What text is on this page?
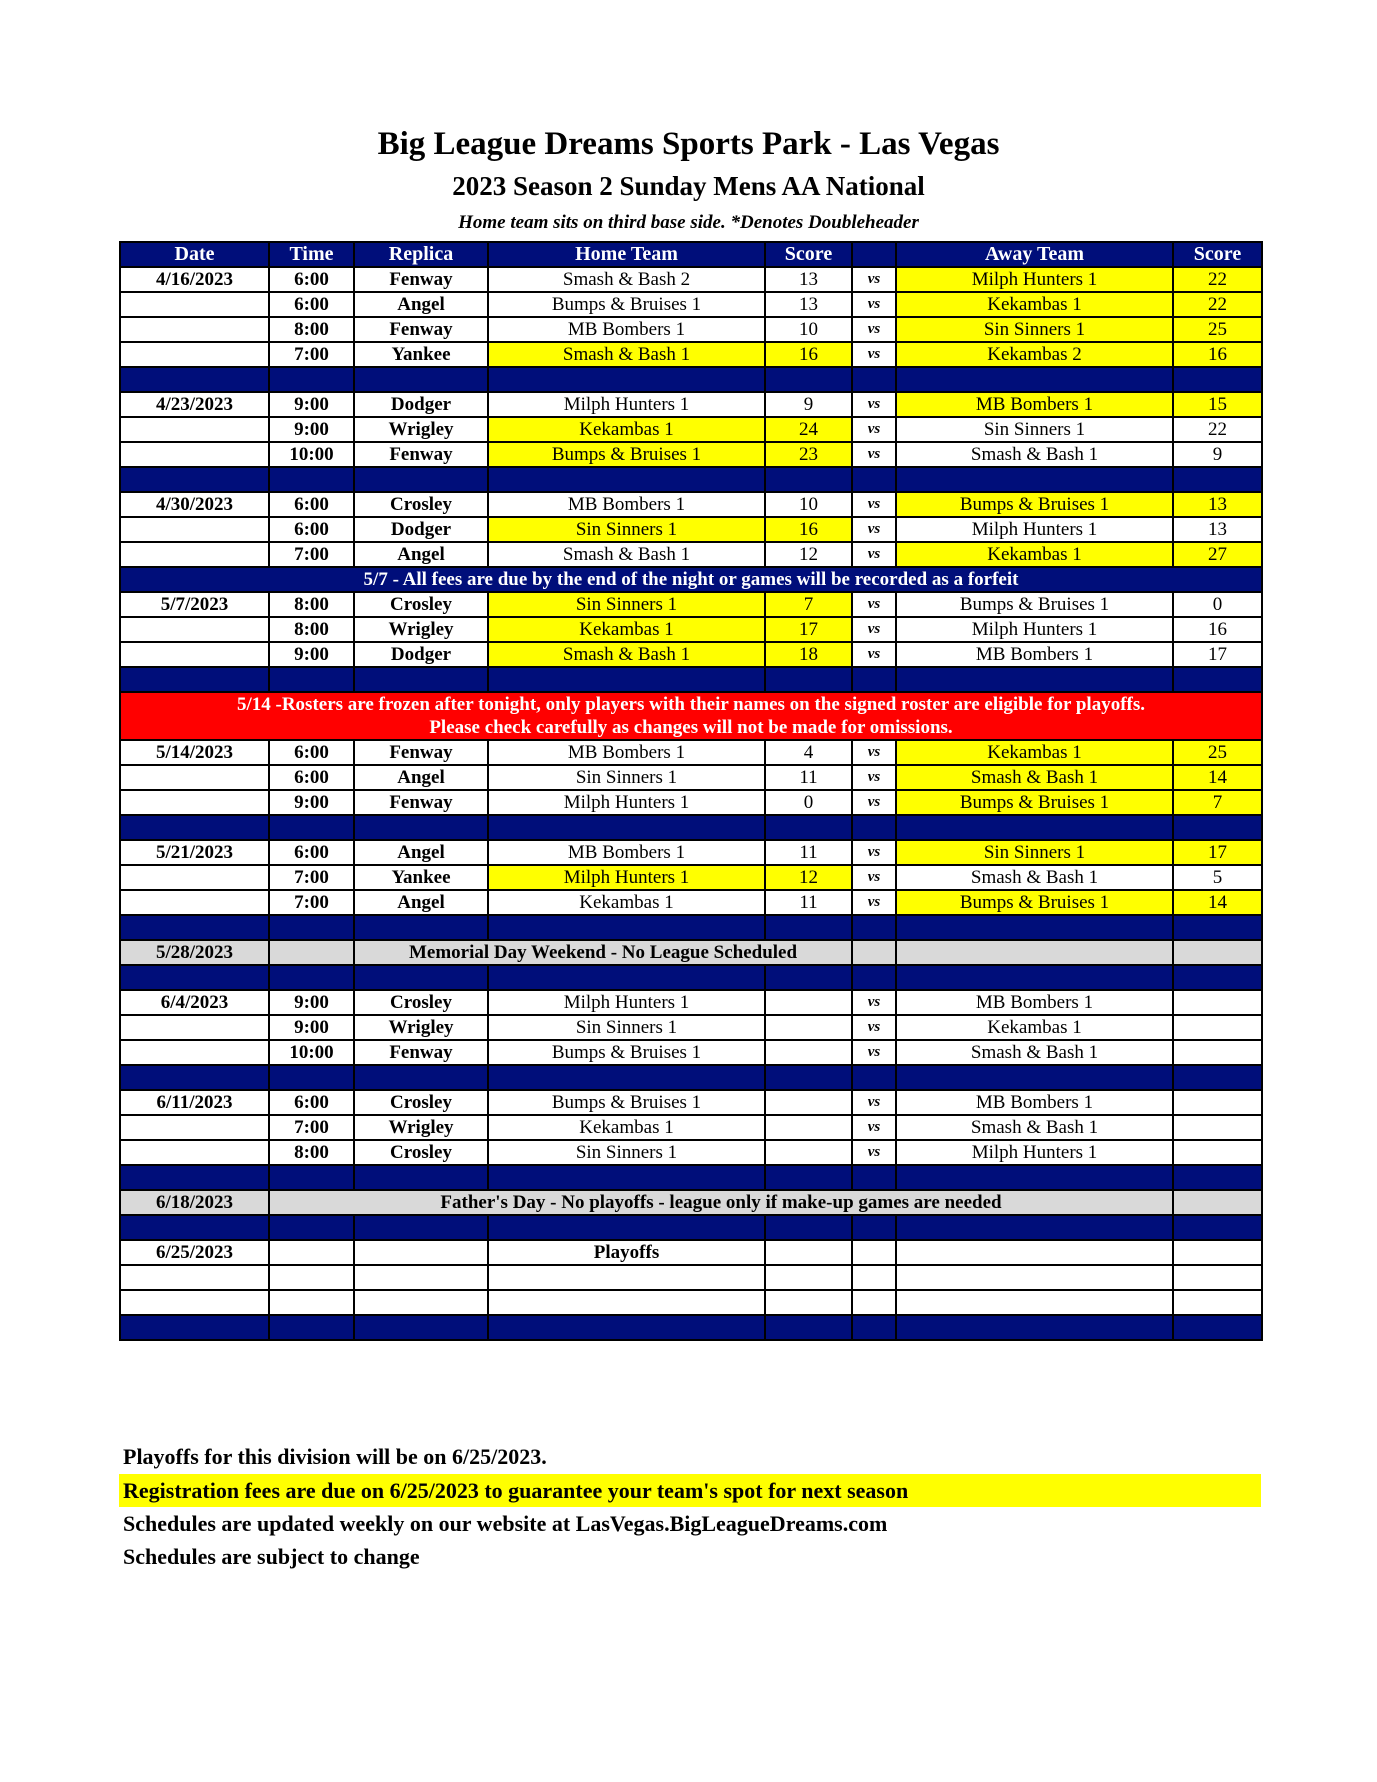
Big League Dreams Sports Park - Las Vegas
2023 Season 2 Sunday Mens AA National
Home team sits on third base side. *Denotes Doubleheader
Date	Time	Replica	Home Team	Score		Away Team	Score
4/16/2023	6:00	Fenway	Smash & Bash 2	13	vs	Milph Hunters 1	22
	6:00	Angel	Bumps & Bruises 1	13	vs	Kekambas 1	22
	8:00	Fenway	MB Bombers 1	10	vs	Sin Sinners 1	25
	7:00	Yankee	Smash & Bash 1	16	vs	Kekambas 2	16

4/23/2023	9:00	Dodger	Milph Hunters 1	9	vs	MB Bombers 1	15
	9:00	Wrigley	Kekambas 1	24	vs	Sin Sinners 1	22
	10:00	Fenway	Bumps & Bruises 1	23	vs	Smash & Bash 1	9

4/30/2023	6:00	Crosley	MB Bombers 1	10	vs	Bumps & Bruises 1	13
	6:00	Dodger	Sin Sinners 1	16	vs	Milph Hunters 1	13
	7:00	Angel	Smash & Bash 1	12	vs	Kekambas 1	27
5/7 - All fees are due by the end of the night or games will be recorded as a forfeit							
5/7/2023	8:00	Crosley	Sin Sinners 1	7	vs	Bumps & Bruises 1	0
	8:00	Wrigley	Kekambas 1	17	vs	Milph Hunters 1	16
	9:00	Dodger	Smash & Bash 1	18	vs	MB Bombers 1	17

5/14 -Rosters are frozen after tonight, only players with their names on the signed roster are eligible for playoffs.
Please check carefully as changes will not be made for omissions.							

5/14/2023	6:00	Fenway	MB Bombers 1	4	vs	Kekambas 1	25
	6:00	Angel	Sin Sinners 1	11	vs	Smash & Bash 1	14
	9:00	Fenway	Milph Hunters 1	0	vs	Bumps & Bruises 1	7

5/21/2023	6:00	Angel	MB Bombers 1	11	vs	Sin Sinners 1	17
	7:00	Yankee	Milph Hunters 1	12	vs	Smash & Bash 1	5
	7:00	Angel	Kekambas 1	11	vs	Bumps & Bruises 1	14

5/28/2023		Memorial Day Weekend - No League Scheduled					

6/4/2023	9:00	Crosley	Milph Hunters 1		vs	MB Bombers 1	
	9:00	Wrigley	Sin Sinners 1		vs	Kekambas 1	
	10:00	Fenway	Bumps & Bruises 1		vs	Smash & Bash 1	

6/11/2023	6:00	Crosley	Bumps & Bruises 1		vs	MB Bombers 1	
	7:00	Wrigley	Kekambas 1		vs	Smash & Bash 1	
	8:00	Crosley	Sin Sinners 1		vs	Milph Hunters 1	

6/18/2023	Father's Day - No playoffs - league only if make-up games are needed						

6/25/2023			Playoffs				

Playoffs for this division will be on 6/25/2023.
Registration fees are due on 6/25/2023 to guarantee your team's spot for next season
Schedules are updated weekly on our website at LasVegas.BigLeagueDreams.com
Schedules are subject to change
